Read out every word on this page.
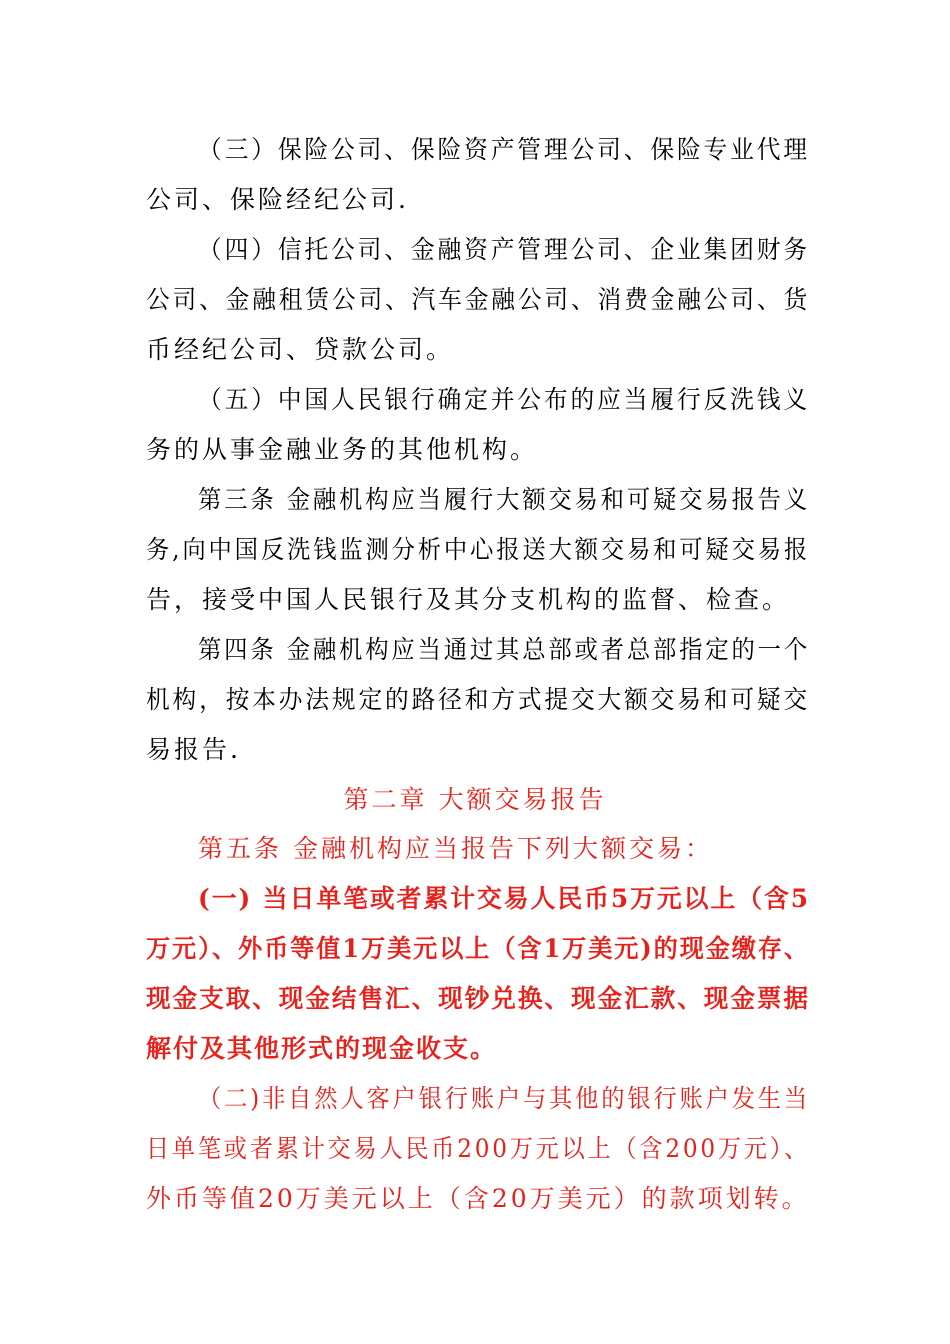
（三）保险公司、保险资产管理公司、保险专业代理
公司、保险经纪公司.
（四）信托公司、金融资产管理公司、企业集团财务
公司、金融租赁公司、汽车金融公司、消费金融公司、货
币经纪公司、贷款公司。
（五）中国人民银行确定并公布的应当履行反洗钱义
务的从事金融业务的其他机构。
第三条 金融机构应当履行大额交易和可疑交易报告义
务,向中国反洗钱监测分析中心报送大额交易和可疑交易报
告，接受中国人民银行及其分支机构的监督、检查。
第四条 金融机构应当通过其总部或者总部指定的一个
机构，按本办法规定的路径和方式提交大额交易和可疑交
易报告.
第二章 大额交易报告
第五条 金融机构应当报告下列大额交易：
(一) 当日单笔或者累计交易人民币5万元以上（含5
万元）、外币等值1万美元以上（含1万美元)的现金缴存、
现金支取、现金结售汇、现钞兑换、现金汇款、现金票据
解付及其他形式的现金收支。
（二)非自然人客户银行账户与其他的银行账户发生当
日单笔或者累计交易人民币200万元以上（含200万元）、
外币等值20万美元以上（含20万美元）的款项划转。
